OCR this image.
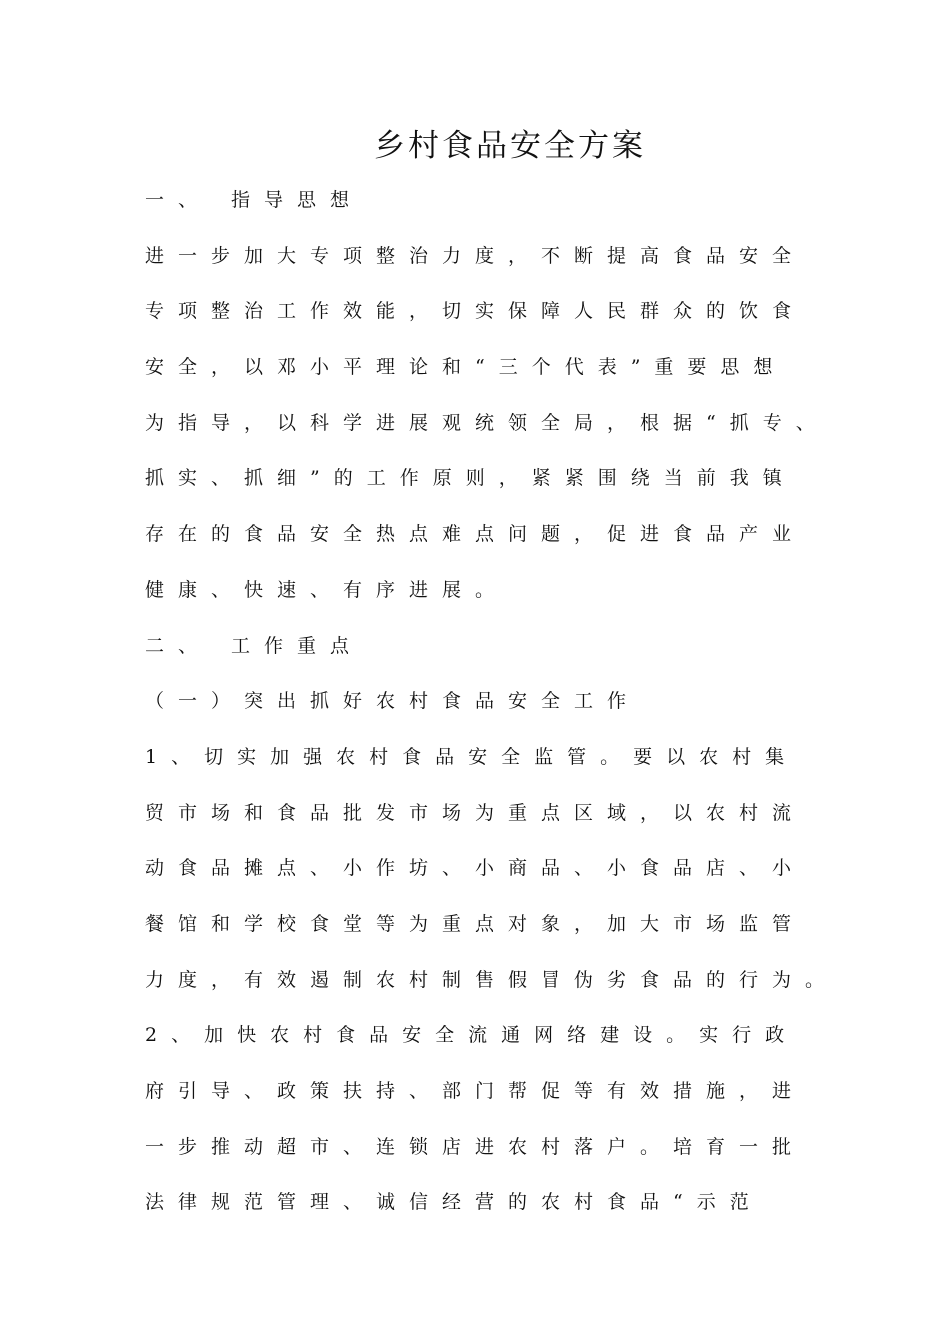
乡村食品安全方案
一、 指导思想
进一步加大专项整治力度，不断提高食品安全
专项整治工作效能，切实保障人民群众的饮食
安全，以邓小平理论和“三个代表”重要思想
为指导，以科学进展观统领全局，根据“抓专、
抓实、抓细”的工作原则，紧紧围绕当前我镇
存在的食品安全热点难点问题，促进食品产业
健康、快速、有序进展。
二、 工作重点
（一）突出抓好农村食品安全工作
1、切实加强农村食品安全监管。要以农村集
贸市场和食品批发市场为重点区域，以农村流
动食品摊点、小作坊、小商品、小食品店、小
餐馆和学校食堂等为重点对象，加大市场监管
力度，有效遏制农村制售假冒伪劣食品的行为。
2、加快农村食品安全流通网络建设。实行政
府引导、政策扶持、部门帮促等有效措施，进
一步推动超市、连锁店进农村落户。培育一批
法律规范管理、诚信经营的农村食品“示范
